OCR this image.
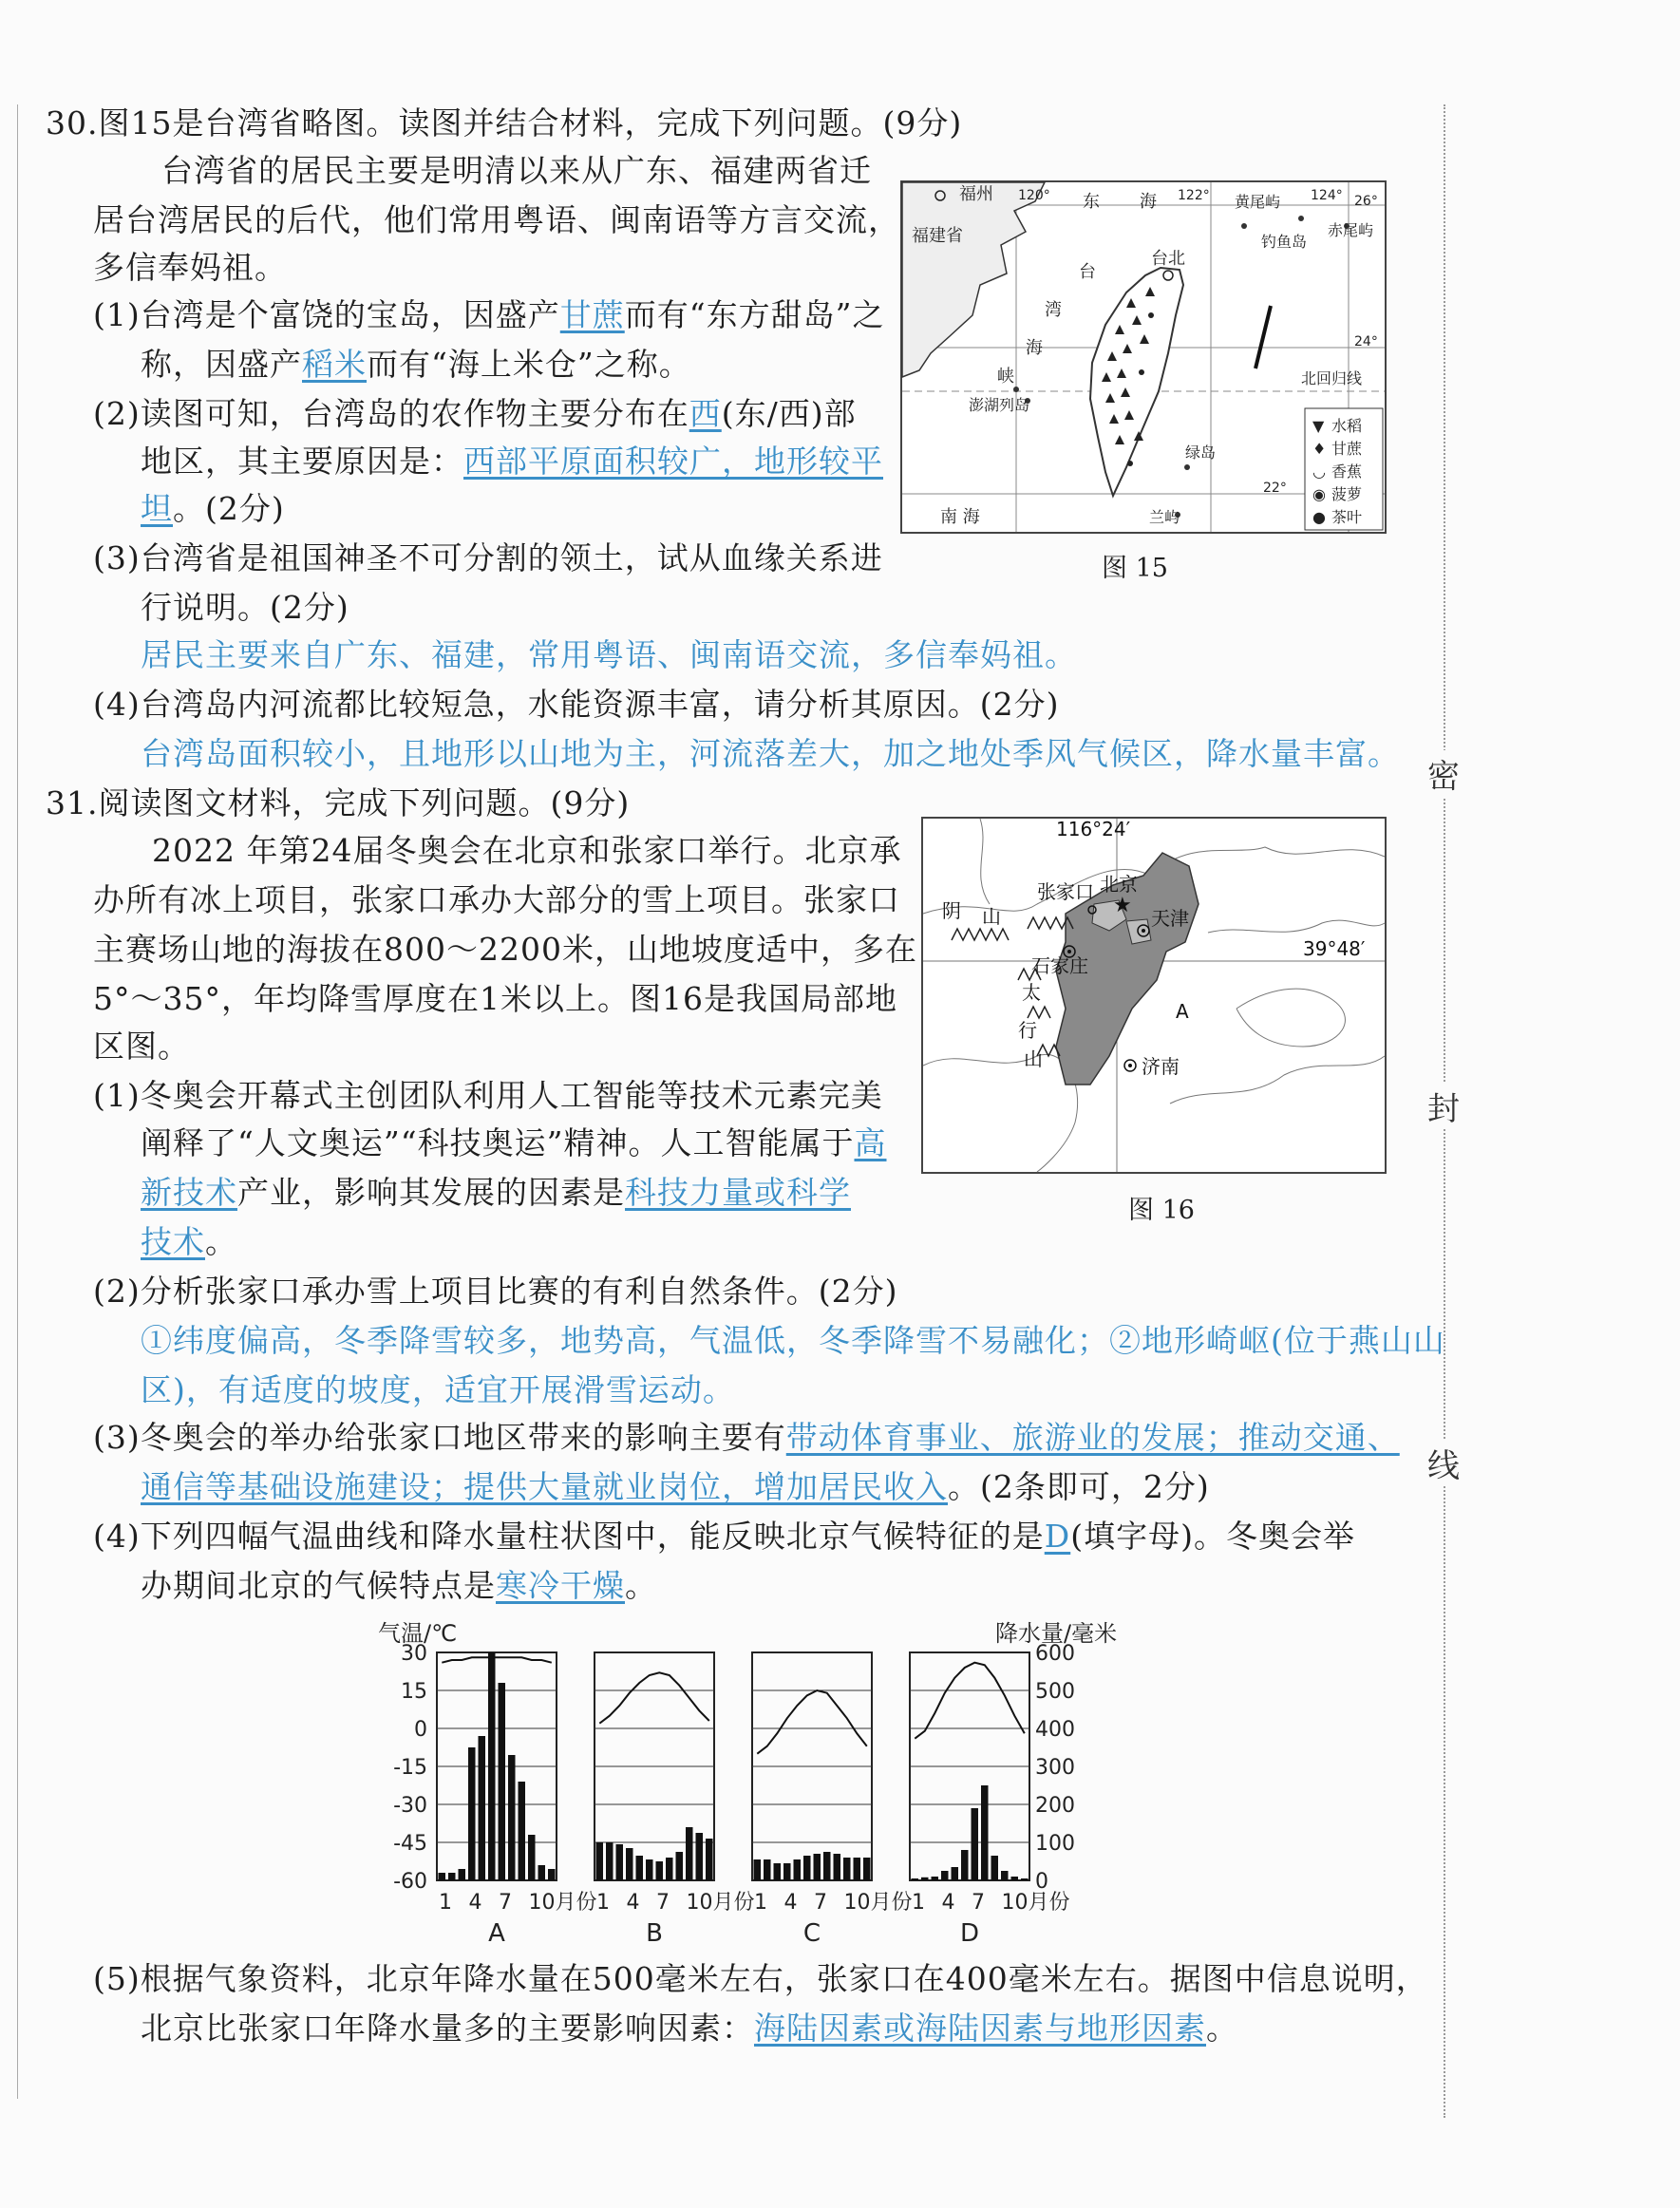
30.图15是台湾省略图。读图并结合材料，完成下列问题。(9分)
台湾省的居民主要是明清以来从广东、福建两省迁
居台湾居民的后代，他们常用粤语、闽南语等方言交流，
多信奉妈祖。
(1)台湾是个富饶的宝岛，因盛产甘蔗而有“东方甜岛”之
称，因盛产稻米而有“海上米仓”之称。
(2)读图可知，台湾岛的农作物主要分布在西(东/西)部
地区，其主要原因是：西部平原面积较广，地形较平
坦。(2分)
(3)台湾省是祖国神圣不可分割的领土，试从血缘关系进
行说明。(2分)
居民主要来自广东、福建，常用粤语、闽南语交流，多信奉妈祖。
(4)台湾岛内河流都比较短急，水能资源丰富，请分析其原因。(2分)
台湾岛面积较小，且地形以山地为主，河流落差大，加之地处季风气候区，降水量丰富。
福州
福建省
东 海
台
湾
海
峡
台北
黄尾屿
赤尾屿
钓鱼岛
澎湖列岛
绿岛
兰屿
南 海
北回归线
120°	122°	124° 26°
24°
22°
▼ 水稻
♦ 甘蔗
◡ 香蕉
◉ 菠萝
● 茶叶
图 15
31.阅读图文材料，完成下列问题。(9分)
2022 年第24届冬奥会在北京和张家口举行。北京承
办所有冰上项目，张家口承办大部分的雪上项目。张家口
主赛场山地的海拔在800～2200米，山地坡度适中，多在
5°～35°，年均降雪厚度在1米以上。图16是我国局部地
区图。
(1)冬奥会开幕式主创团队利用人工智能等技术元素完美
阐释了“人文奥运”“科技奥运”精神。人工智能属于高
新技术产业，影响其发展的因素是科技力量或科学
技术。
(2)分析张家口承办雪上项目比赛的有利自然条件。(2分)
①纬度偏高，冬季降雪较多，地势高，气温低，冬季降雪不易融化；②地形崎岖(位于燕山山
区)，有适度的坡度，适宜开展滑雪运动。
(3)冬奥会的举办给张家口地区带来的影响主要有带动体育事业、旅游业的发展；推动交通、
通信等基础设施建设；提供大量就业岗位，增加居民收入。(2条即可，2分)
(4)下列四幅气温曲线和降水量柱状图中，能反映北京气候特征的是D(填字母)。冬奥会举
办期间北京的气候特点是寒冷干燥。
气温/℃	降水量/毫米
30
15
0
-15
-30
-45
-60
600
500
400
300
200
100
0
1 4 7 10月份
A
1 4 7 10月份
B
1 4 7 10月份
C
1 4 7 10月份
D
(5)根据气象资料，北京年降水量在500毫米左右，张家口在400毫米左右。据图中信息说明，
北京比张家口年降水量多的主要影响因素：海陆因素或海陆因素与地形因素。
★
116°24′
39°48′
阴 山
张家口 北京
天津
石家庄
济南
A
太
行
山
图 16
密
封
线
